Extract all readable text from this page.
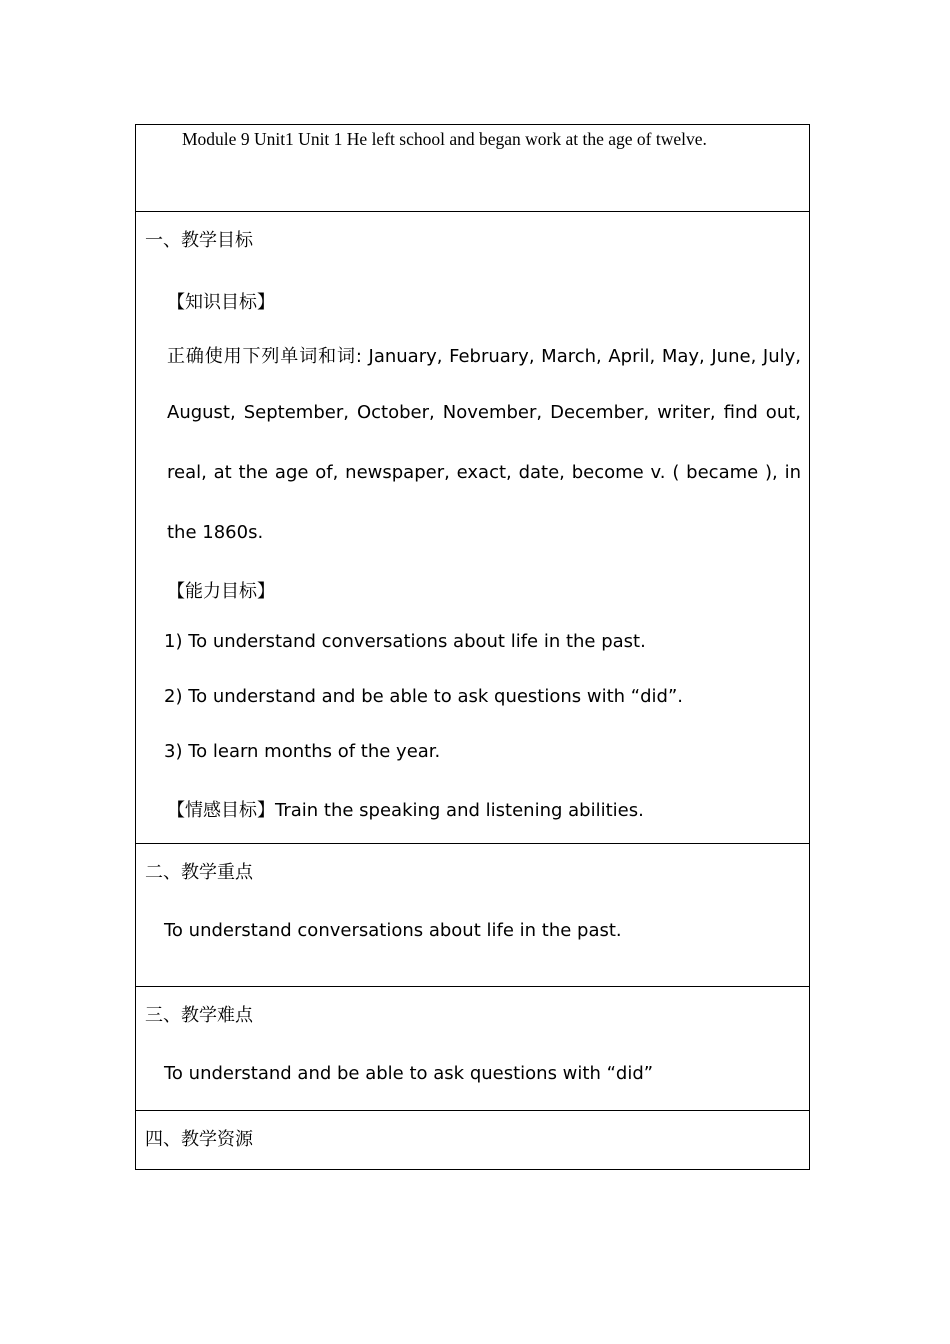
Module 9 Unit1 Unit 1 He left school and began work at the age of twelve.
一、教学目标
【知识目标】
正确使用下列单词和词: January, February, March, April, May, June, July,
August, September, October, November, December, writer, find out,
real, at the age of, newspaper, exact, date, become v. ( became ), in
the 1860s.
【能力目标】
1) To understand conversations about life in the past.
2) To understand and be able to ask questions with “did”.
3) To learn months of the year.
【情感目标】Train the speaking and listening abilities.
二、教学重点
To understand conversations about life in the past.
三、教学难点
To understand and be able to ask questions with “did”
四、教学资源
